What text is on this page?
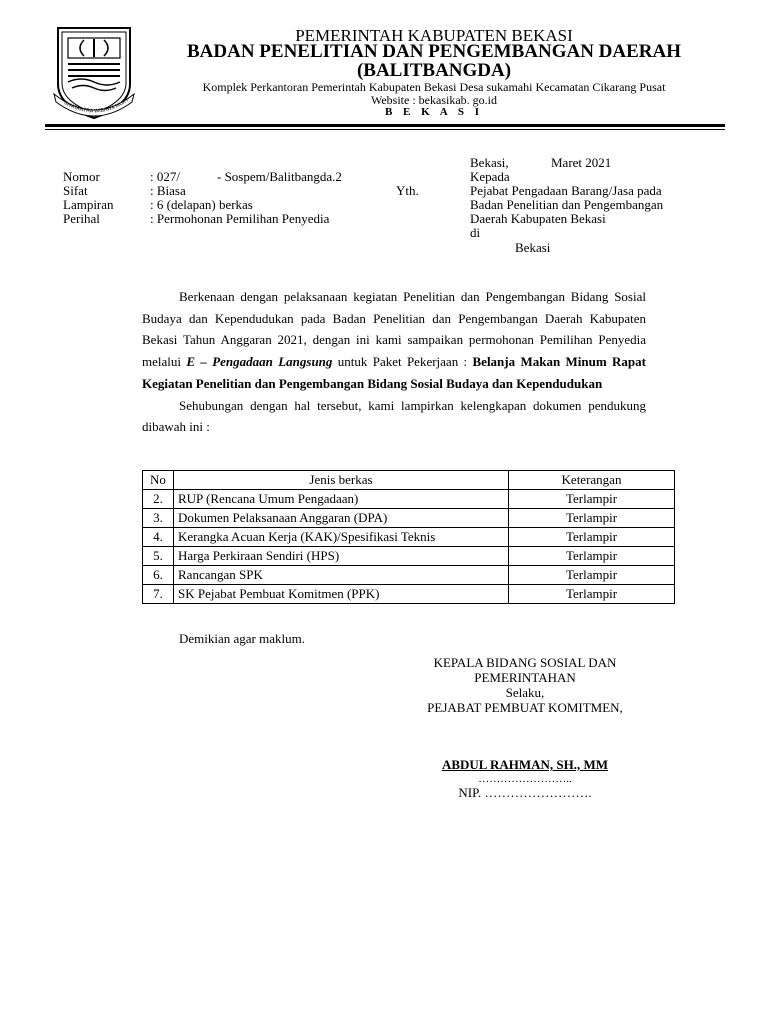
SWATANTRA WIBAWA MUKT
PEMERINTAH KABUPATEN BEKASI
BADAN PENELITIAN DAN PENGEMBANGAN DAERAH
(BALITBANGDA)
Komplek Perkantoran Pemerintah Kabupaten Bekasi Desa sukamahi Kecamatan Cikarang Pusat
Website : bekasikab. go.id
B E K A S I
Nomor	: 027/	- Sospem/Balitbangda.2
Sifat	: Biasa
Lampiran	: 6 (delapan) berkas
Perihal	: Permohonan Pemilihan Penyedia
Bekasi,	Maret 2021
Kepada
Yth.	Pejabat Pengadaan Barang/Jasa pada
Badan Penelitian dan Pengembangan
Daerah Kabupaten Bekasi
di
Bekasi

Berkenaan dengan pelaksanaan kegiatan Penelitian dan Pengembangan Bidang Sosial Budaya dan Kependudukan pada Badan Penelitian dan Pengembangan Daerah Kabupaten Bekasi Tahun Anggaran 2021, dengan ini kami sampaikan permohonan Pemilihan Penyedia melalui E – Pengadaan Langsung untuk Paket Pekerjaan : Belanja Makan Minum Rapat Kegiatan Penelitian dan Pengembangan Bidang Sosial Budaya dan Kependudukan

Sehubungan dengan hal tersebut, kami lampirkan kelengkapan dokumen pendukung dibawah ini :

No	Jenis berkas	Keterangan
2.	RUP (Rencana Umum Pengadaan)	Terlampir
3.	Dokumen Pelaksanaan Anggaran (DPA)	Terlampir
4.	Kerangka Acuan Kerja (KAK)/Spesifikasi Teknis	Terlampir
5.	Harga Perkiraan Sendiri (HPS)	Terlampir
6.	Rancangan SPK	Terlampir
7.	SK Pejabat Pembuat Komitmen (PPK)	Terlampir
Demikian agar maklum.
KEPALA BIDANG SOSIAL DAN
PEMERINTAHAN
Selaku,
PEJABAT PEMBUAT KOMITMEN,
ABDUL RAHMAN, SH., MM
……………………..
NIP. …………………….
